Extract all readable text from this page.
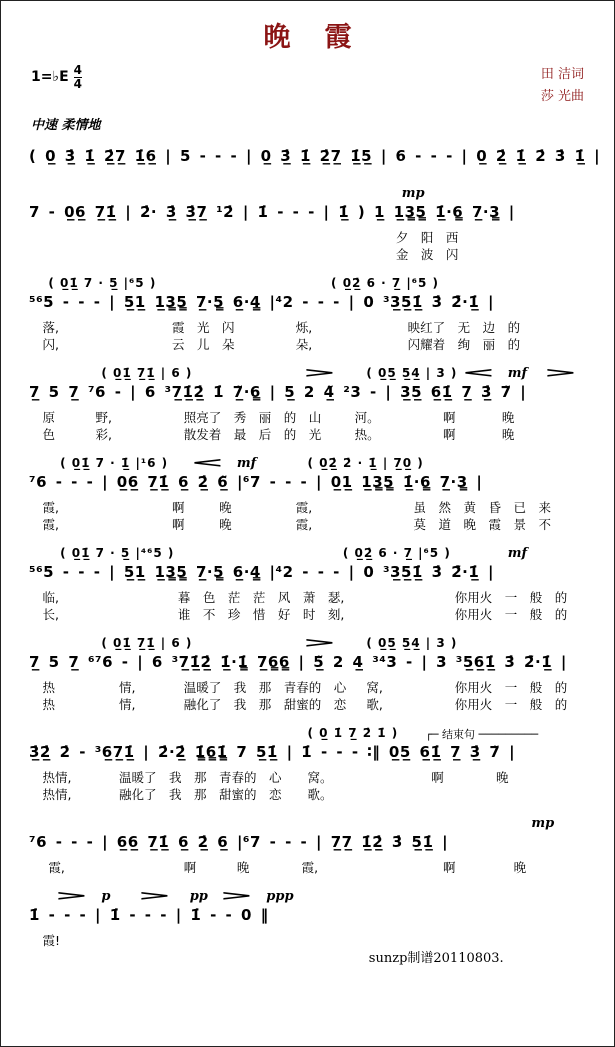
晚霞
1=♭E $\frac{4}{4}$	田 洁词
莎 光曲
中速 柔情地
( 0̲ 3̲̇ 1̲̇ 2̲̇7̲ 1̲̇6̲ | 5 - - - | 0̲ 3̲̇ 1̲̇ 2̲̇7̲ 1̲̇5̲ | 6 - - - | 0̲ 2̲̇ 1̲̇ 2̇ 3̇ 1̲̇ |
mp
7 - 0̲6̲ 7̲1̲̇ | 2̇· 3̲̇ 3̲̇7̲ ¹2̇ | 1̇ - - - | 1̲̇ ) 1̲ 1̲3̳5̳ 1̲̇·6̳ 7̲·3̳ |
夕　阳　西
金　波　闪
( 0̲1̲̇ 7 · 5̲ |⁶5 )	( 0̲2̲̇ 6 · 7̲ |⁶5 )
⁵⁶5 - - - | 5̲1̲ 1̲3̳5̳ 7̲·5̳ 6̲·4̳ |⁴2 - - - | 0 ³3̲5̲1̲̇ 3̇ 2̇̃·1̲̇ |
落,	霞　光　闪	烁,	映红了　无　边　的
闪,	云　儿　朵	朵,	闪耀着　绚　丽　的
( 0̲1̲̇ 7̲1̲̇ | 6 )	> ( 0̲5̲ 5̲4̲ | 3 ) < mf >
7̲ 5 7̲ ⁷6 - | 6 ³7̲1̲̇2̲̇ 1̇ 7̲̃·6̳ | 5̲ 2 4̲̃ ²3 - | 3̲5̲ 6̲1̲̇ 7̲ 3̲̇ 7̃ |
原	野,	照亮了　秀　丽　的　山	河。	啊	晚
色	彩,	散发着　最　后　的　光	热。	啊	晚
( 0̲1̲̇ 7 · 1̲̇ |¹6 ) < mf	( 0̲2̲̇ 2̇ · 1̲̇ | 7̲0̲ )
⁷6 - - - | 0̲6̲ 7̲1̲̇ 6̲ 2̲̇ 6̲̃ |⁶7 - - - | 0̲1̲ 1̲3̳5̳ 1̲̇·6̳ 7̲·3̳ |
霞,	啊	晚	霞,	虽　然　黄　昏　已　来
霞,	啊	晚	霞,	莫　道　晚　霞　景　不
( 0̲1̲̇ 7 · 5̲ |⁴⁶5 )	( 0̲2̲̇ 6 · 7̲ |⁶5 )	mf
⁵⁶5 - - - | 5̲1̲ 1̲3̳5̳ 7̲·5̳ 6̲·4̳ |⁴2 - - - | 0 ³3̲5̲1̲̇ 3̇ 2̇̃·1̲̇ |
临,	暮　色　茫　茫　风　萧　瑟,	你用火　一　般　的
长,	谁　不　珍　惜　好　时　刻,	你用火　一　般　的
( 0̲1̲̇ 7̲1̲̇ | 6 )	> ( 0̲5̲ 5̲4̲ | 3 )
7̲ 5 7̲ ⁶⁷6 - | 6 ³7̲1̲̇2̲̇ 1̲̇·1̳̇ 7̲6̳6̳ | 5̲̃ 2 4̲ ³⁴3 - | 3 ³5̲6̲1̲̇ 3̇ 2̇̃·1̲̇ |
热	情,	温暖了　我　那　青春的　心 窝,	你用火　一　般　的
热	情,	融化了　我　那　甜蜜的　恋 歌,	你用火　一　般　的
( 0̲ 1̇ 7̲ 2̇ 1̇ ) ┌─ 结束句 ─────────
3̲̇2̲̇ 2̇ - ³6̲7̲1̲̇ | 2̇·2̲̇ 1̳̇6̳1̳̇ 7 5̲1̲̇ | 1̇ - - - ∶‖ 0̲5̲ 6̲1̲̇ 7̲ 3̲̇ 7̃ |
热情,	温暖了　我　那　青春的　心 窝。	啊	晚
热情,	融化了　我　那　甜蜜的　恋 歌。
mp
⁷6 - - - | 6̲6̲ 7̲1̲̇ 6̲ 2̲̇ 6̲ |⁶7 - - - | 7̲7̲ 1̲̇2̲̇ 3̇ 5̲1̲̇ |
霞,	啊	晚	霞,	啊	晚
> p > pp > ppp
1̇ - - - | 1̇ - - - | 1̇ - - 0 ‖
霞!
sunzp制谱20110803.
